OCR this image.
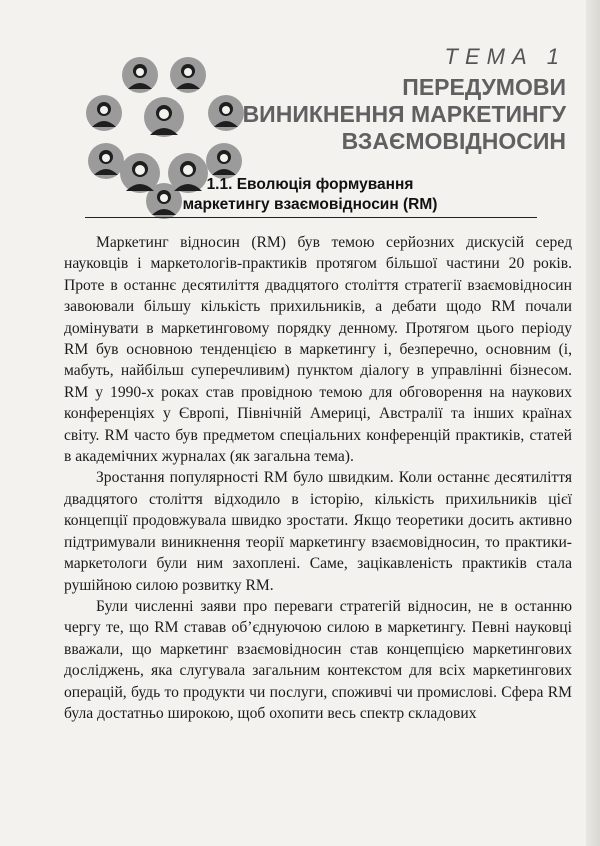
ТЕМА 1
ПЕРЕДУМОВИ
ВИНИКНЕННЯ МАРКЕТИНГУ
ВЗАЄМОВІДНОСИН
1.1. Еволюція формування
маркетингу взаємовідносин (RM)

Маркетинг відносин (RM) був темою серйозних дискусій серед науковців і маркетологів-практиків протягом більшої частини 20 років. Проте в останнє десятиліття двадцятого століття стратегії взаємовідносин завоювали більшу кількість прихильників, а дебати щодо RM почали домінувати в маркетинговому порядку денному. Протягом цього періоду RM був основною тенденцією в маркетингу і, безперечно, основним (і, мабуть, найбільш суперечливим) пунктом діалогу в управлінні бізнесом. RM у 1990-х роках став провідною темою для обговорення на наукових конференціях у Європі, Північній Америці, Австралії та інших країнах світу. RM часто був предметом спеціальних конференцій практиків, статей в академічних журналах (як загальна тема).

Зростання популярності RM було швидким. Коли останнє десятиліття двадцятого століття відходило в історію, кількість прихильників цієї концепції продовжувала швидко зростати. Якщо теоретики досить активно підтримували виникнення теорії маркетингу взаємовідносин, то практики-маркетологи були ним захоплені. Саме, зацікавленість практиків стала рушійною силою розвитку RM.

Були численні заяви про переваги стратегій відносин, не в останню чергу те, що RM ставав об’єднуючою силою в маркетингу. Певні науковці вважали, що маркетинг взаємовідносин став концепцією маркетингових досліджень, яка слугувала загальним контекстом для всіх маркетингових операцій, будь то продукти чи послуги, споживчі чи промислові. Сфера RM була достатньо широкою, щоб охопити весь спектр складових
